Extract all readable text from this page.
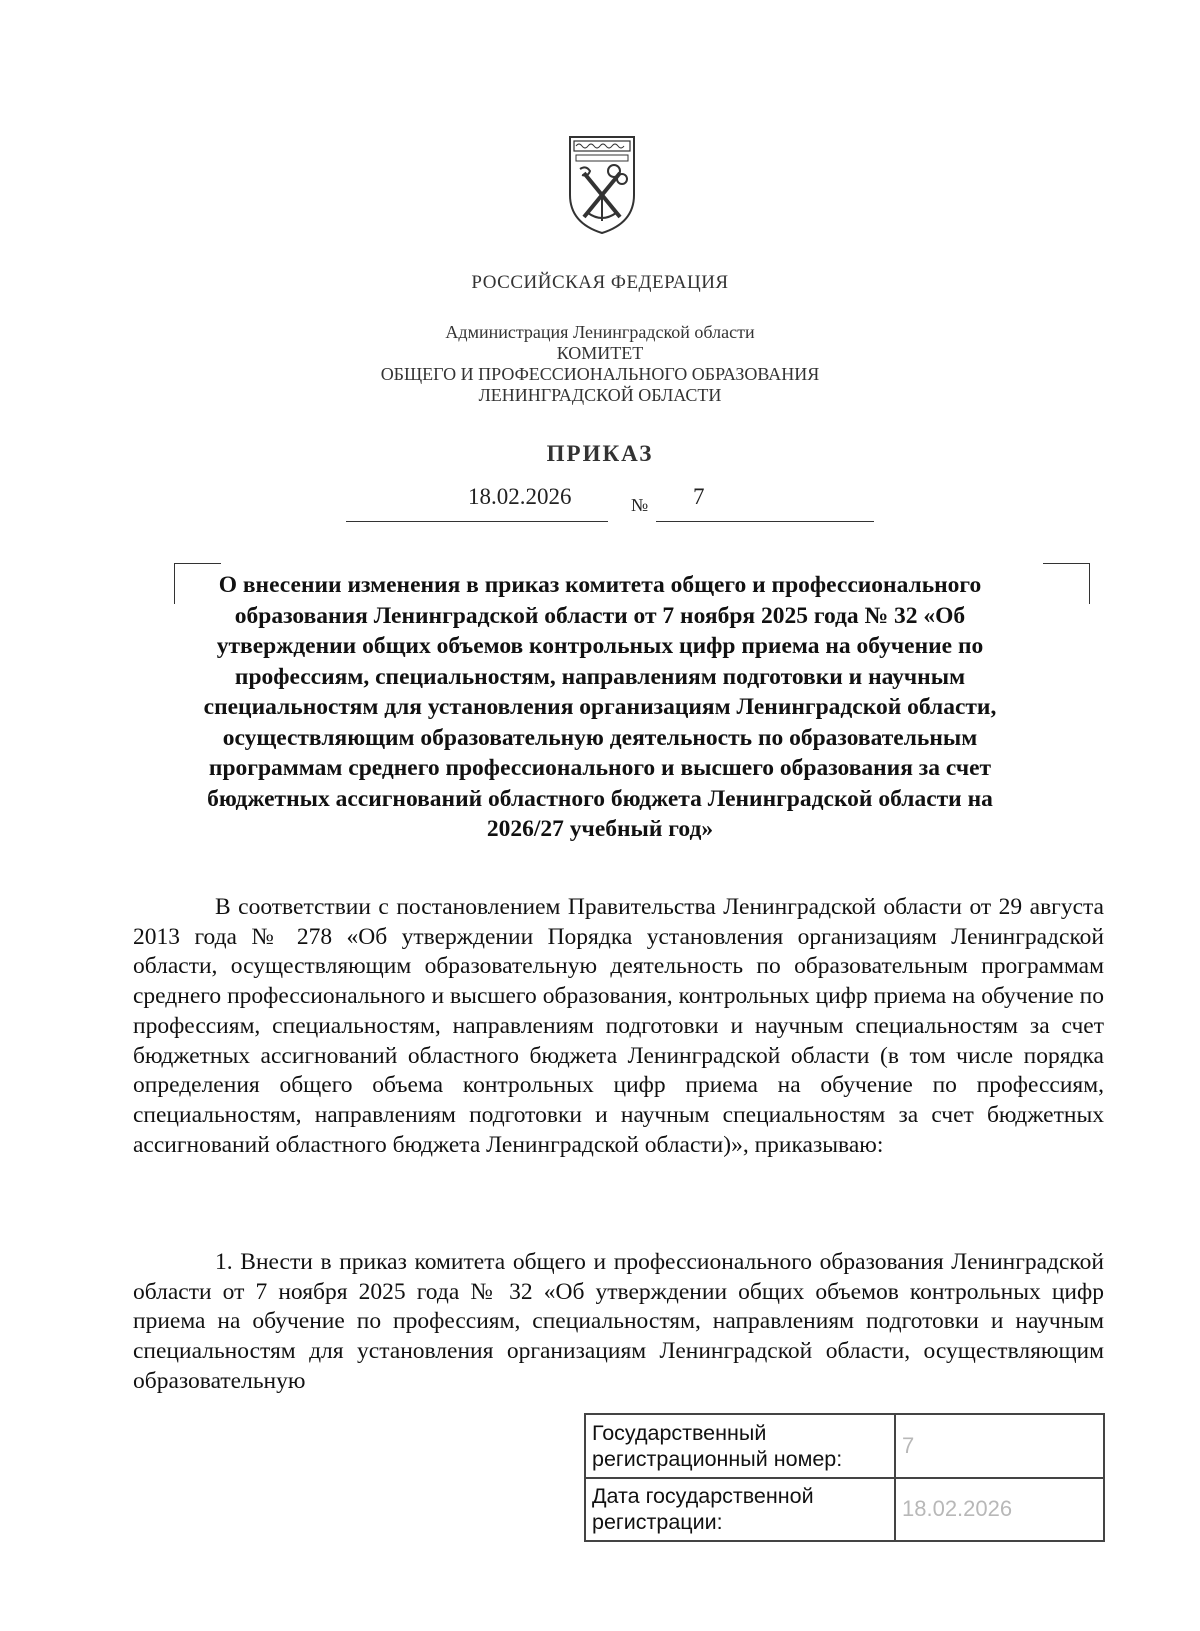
РОССИЙСКАЯ ФЕДЕРАЦИЯ
Администрация Ленинградской области
КОМИТЕТ
ОБЩЕГО И ПРОФЕССИОНАЛЬНОГО ОБРАЗОВАНИЯ
ЛЕНИНГРАДСКОЙ ОБЛАСТИ
ПРИКАЗ
18.02.2026	№ 7
О внесении изменения в приказ комитета общего и профессионального образования Ленинградской области от 7 ноября 2025 года № 32 «Об утверждении общих объемов контрольных цифр приема на обучение по профессиям, специальностям, направлениям подготовки и научным специальностям для установления организациям Ленинградской области, осуществляющим образовательную деятельность по образовательным программам среднего профессионального и высшего образования за счет бюджетных ассигнований областного бюджета Ленинградской области на 2026/27 учебный год»
В соответствии с постановлением Правительства Ленинградской области от 29 августа 2013 года № 278 «Об утверждении Порядка установления организациям Ленинградской области, осуществляющим образовательную деятельность по образовательным программам среднего профессионального и высшего образования, контрольных цифр приема на обучение по профессиям, специальностям, направлениям подготовки и научным специальностям за счет бюджетных ассигнований областного бюджета Ленинградской области (в том числе порядка определения общего объема контрольных цифр приема на обучение по профессиям, специальностям, направлениям подготовки и научным специальностям за счет бюджетных ассигнований областного бюджета Ленинградской области)», приказываю:
1. Внести в приказ комитета общего и профессионального образования Ленинградской области от 7 ноября 2025 года № 32 «Об утверждении общих объемов контрольных цифр приема на обучение по профессиям, специальностям, направлениям подготовки и научным специальностям для установления организациям Ленинградской области, осуществляющим образовательную
Государственный регистрационный номер:	7
Дата государственной регистрации:	18.02.2026
